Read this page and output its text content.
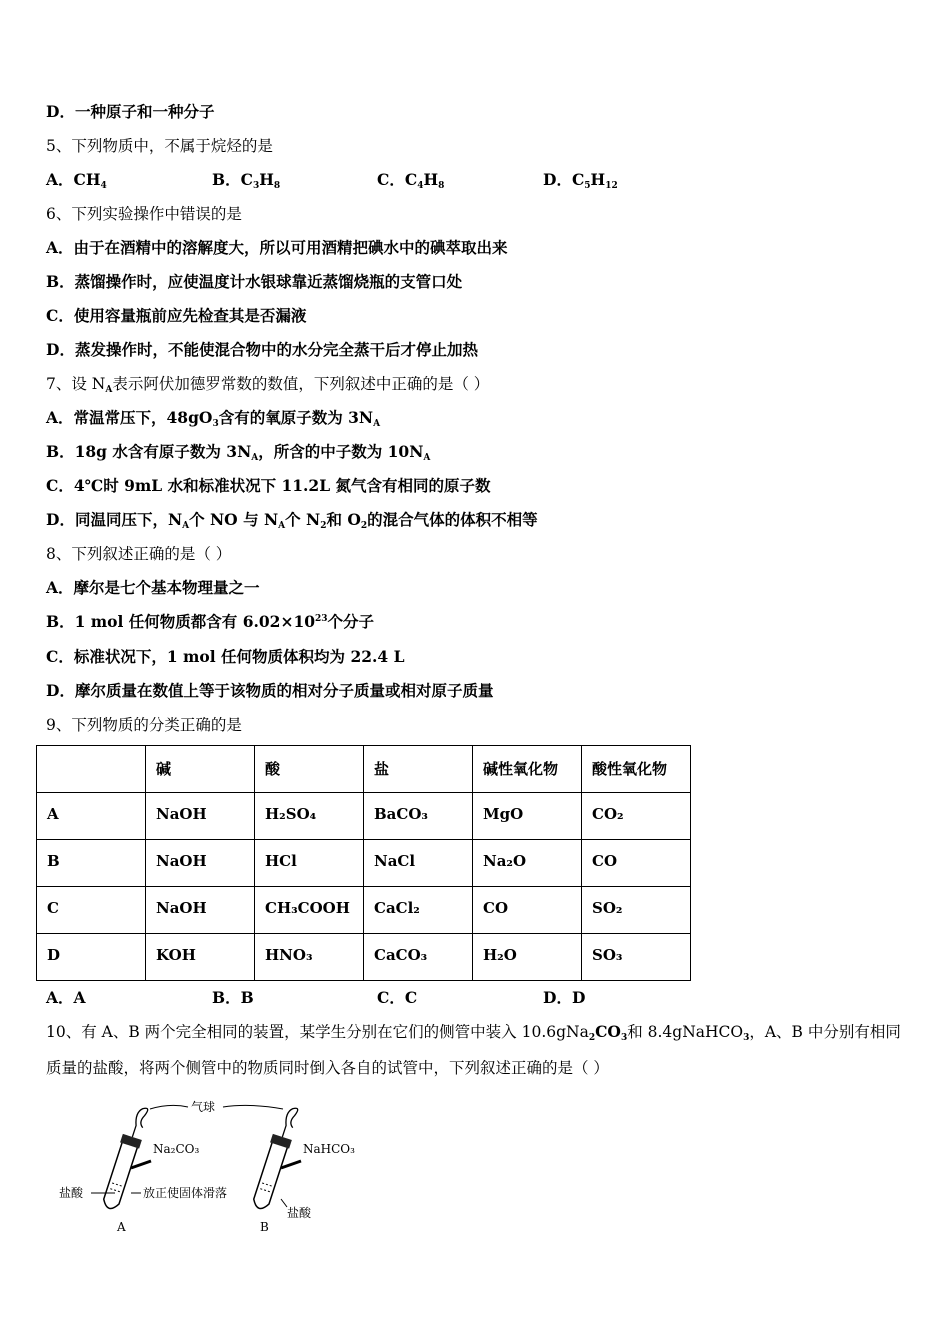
D．一种原子和一种分子
5、下列物质中，不属于烷烃的是
A．$CH_4$	B．$C_3H_8$	C．$C_4H_8$	D．$C_5H_{12}$
6、下列实验操作中错误的是
A．由于在酒精中的溶解度大，所以可用酒精把碘水中的碘萃取出来
B．蒸馏操作时，应使温度计水银球靠近蒸馏烧瓶的支管口处
C．使用容量瓶前应先检查其是否漏液
D．蒸发操作时，不能使混合物中的水分完全蒸干后才停止加热
7、设 $N_A$表示阿伏加德罗常数的数值，下列叙述中正确的是（ ）
A．常温常压下，$48gO_3$含有的氧原子数为 $3N_A$
B．18g 水含有原子数为 $3N_A$，所含的中子数为 $10N_A$
C．4℃时 9mL 水和标准状况下 11.2L 氮气含有相同的原子数
D．同温同压下，$N_A$个 NO 与 $N_A$个 $N_2$和 $O_2$的混合气体的体积不相等
8、下列叙述正确的是（ ）
A．摩尔是七个基本物理量之一
B．1 mol 任何物质都含有 $6.02\times 10^{23}$个分子
C．标准状况下，1 mol 任何物质体积均为 22.4 L
D．摩尔质量在数值上等于该物质的相对分子质量或相对原子质量
9、下列物质的分类正确的是

	碱	酸	盐	碱性氧化物	酸性氧化物

A	NaOH	H₂SO₄	BaCO₃	MgO	CO₂

B	NaOH	HCl	NaCl	Na₂O	CO

C	NaOH	CH₃COOH	CaCl₂	CO	SO₂

D	KOH	HNO₃	CaCO₃	H₂O	SO₃
A．A	B．B	C．C	D．D
10、有 A、B 两个完全相同的装置，某学生分别在它们的侧管中装入 $10.6gNa_2CO_3$和 8.4gNaHCO$_3$，A、B 中分别有相同
质量的盐酸，将两个侧管中的物质同时倒入各自的试管中，下列叙述正确的是（ ）
气球
Na₂CO₃	NaHCO₃
盐酸	放正使固体滑落
盐酸
A	B
